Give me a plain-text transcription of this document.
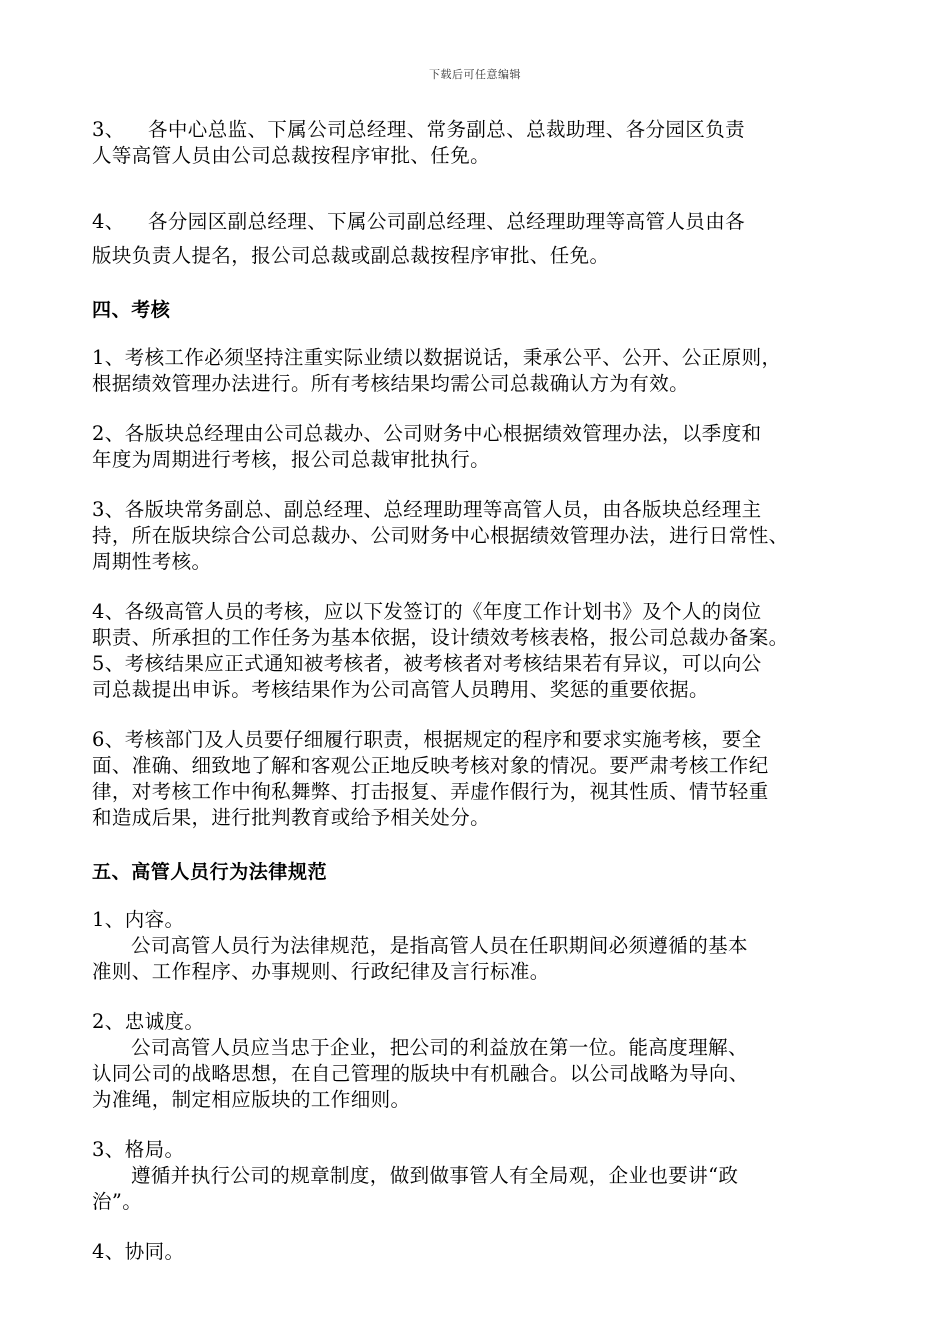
下载后可任意编辑

3、 各中心总监、下属公司总经理、常务副总、总裁助理、各分园区负责
人等高管人员由公司总裁按程序审批、任免。

4、 各分园区副总经理、下属公司副总经理、总经理助理等高管人员由各
版块负责人提名，报公司总裁或副总裁按程序审批、任免。

四、考核

1、考核工作必须坚持注重实际业绩以数据说话，秉承公平、公开、公正原则，
根据绩效管理办法进行。所有考核结果均需公司总裁确认方为有效。

2、各版块总经理由公司总裁办、公司财务中心根据绩效管理办法，以季度和
年度为周期进行考核，报公司总裁审批执行。

3、各版块常务副总、副总经理、总经理助理等高管人员，由各版块总经理主
持，所在版块综合公司总裁办、公司财务中心根据绩效管理办法，进行日常性、
周期性考核。

4、各级高管人员的考核，应以下发签订的《年度工作计划书》及个人的岗位
职责、所承担的工作任务为基本依据，设计绩效考核表格，报公司总裁办备案。

5、考核结果应正式通知被考核者，被考核者对考核结果若有异议，可以向公
司总裁提出申诉。考核结果作为公司高管人员聘用、奖惩的重要依据。

6、考核部门及人员要仔细履行职责，根据规定的程序和要求实施考核，要全
面、准确、细致地了解和客观公正地反映考核对象的情况。要严肃考核工作纪
律，对考核工作中徇私舞弊、打击报复、弄虚作假行为，视其性质、情节轻重
和造成后果，进行批判教育或给予相关处分。

五、高管人员行为法律规范

1、内容。
公司高管人员行为法律规范，是指高管人员在任职期间必须遵循的基本
准则、工作程序、办事规则、行政纪律及言行标准。

2、忠诚度。
公司高管人员应当忠于企业，把公司的利益放在第一位。能高度理解、
认同公司的战略思想，在自己管理的版块中有机融合。以公司战略为导向、
为准绳，制定相应版块的工作细则。

3、格局。
遵循并执行公司的规章制度，做到做事管人有全局观，企业也要讲“政
治”。

4、协同。
